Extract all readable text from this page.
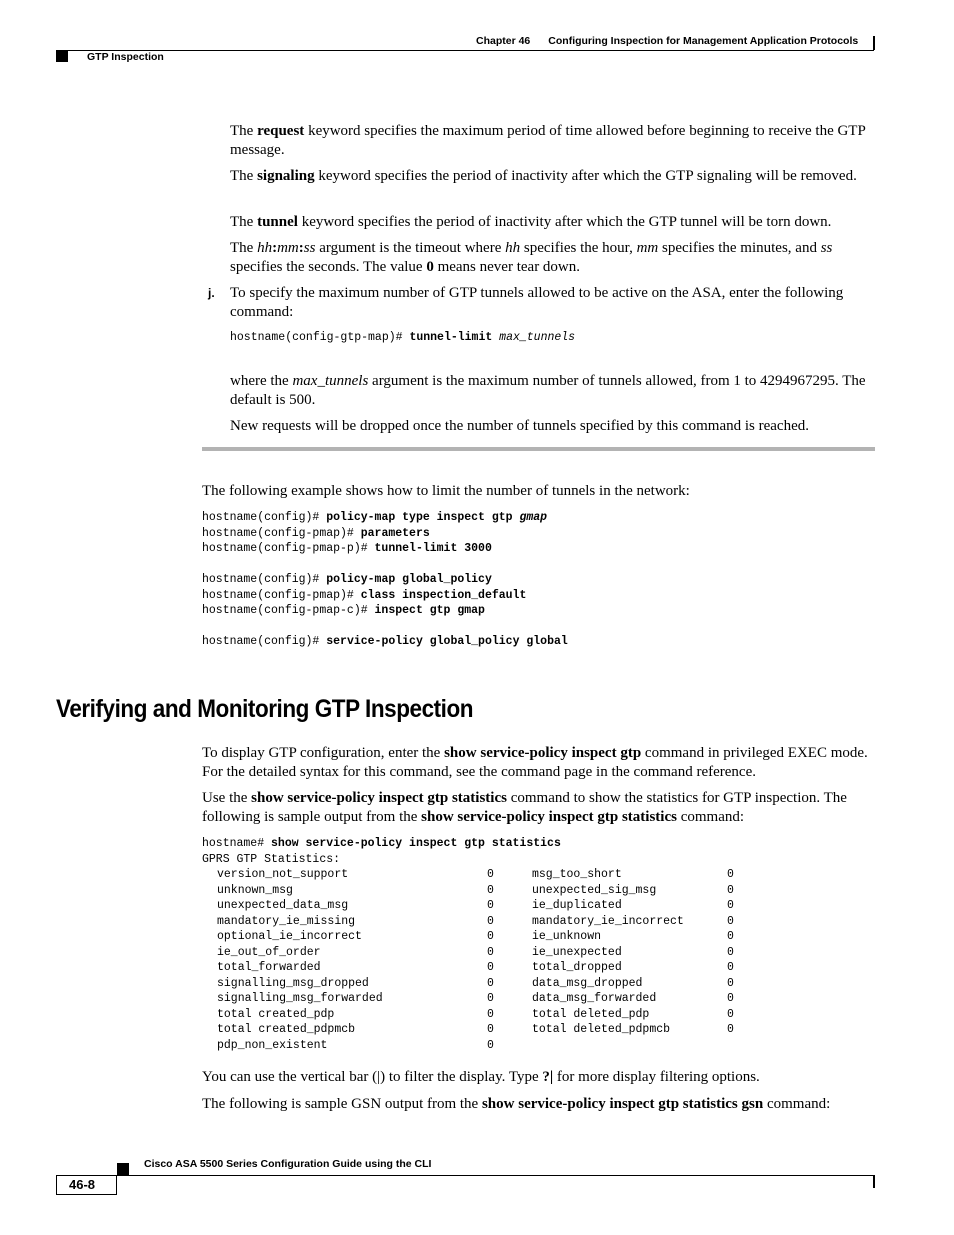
Chapter 46 Configuring Inspection for Management Application Protocols
GTP Inspection
The request keyword specifies the maximum period of time allowed before beginning to receive the GTP message.
The signaling keyword specifies the period of inactivity after which the GTP signaling will be removed.
The tunnel keyword specifies the period of inactivity after which the GTP tunnel will be torn down.
The hh:mm:ss argument is the timeout where hh specifies the hour, mm specifies the minutes, and ss specifies the seconds. The value 0 means never tear down.
j. To specify the maximum number of GTP tunnels allowed to be active on the ASA, enter the following command:
hostname(config-gtp-map)# tunnel-limit max_tunnels
where the max_tunnels argument is the maximum number of tunnels allowed, from 1 to 4294967295. The default is 500.
New requests will be dropped once the number of tunnels specified by this command is reached.
The following example shows how to limit the number of tunnels in the network:
hostname(config)# policy-map type inspect gtp gmap
hostname(config-pmap)# parameters
hostname(config-pmap-p)# tunnel-limit 3000
hostname(config)# policy-map global_policy
hostname(config-pmap)# class inspection_default
hostname(config-pmap-c)# inspect gtp gmap
hostname(config)# service-policy global_policy global
Verifying and Monitoring GTP Inspection
To display GTP configuration, enter the show service-policy inspect gtp command in privileged EXEC mode. For the detailed syntax for this command, see the command page in the command reference.
Use the show service-policy inspect gtp statistics command to show the statistics for GTP inspection. The following is sample output from the show service-policy inspect gtp statistics command:
hostname# show service-policy inspect gtp statistics
GPRS GTP Statistics:
version_not_support	0	msg_too_short	0
unknown_msg	0	unexpected_sig_msg	0
unexpected_data_msg	0	ie_duplicated	0
mandatory_ie_missing	0	mandatory_ie_incorrect	0
optional_ie_incorrect	0	ie_unknown	0
ie_out_of_order	0	ie_unexpected	0
total_forwarded	0	total_dropped	0
signalling_msg_dropped	0	data_msg_dropped	0
signalling_msg_forwarded	0	data_msg_forwarded	0
total created_pdp	0	total deleted_pdp	0
total created_pdpmcb	0	total deleted_pdpmcb	0
pdp_non_existent	0
You can use the vertical bar (|) to filter the display. Type ?| for more display filtering options.
The following is sample GSN output from the show service-policy inspect gtp statistics gsn command:
Cisco ASA 5500 Series Configuration Guide using the CLI
46-8
